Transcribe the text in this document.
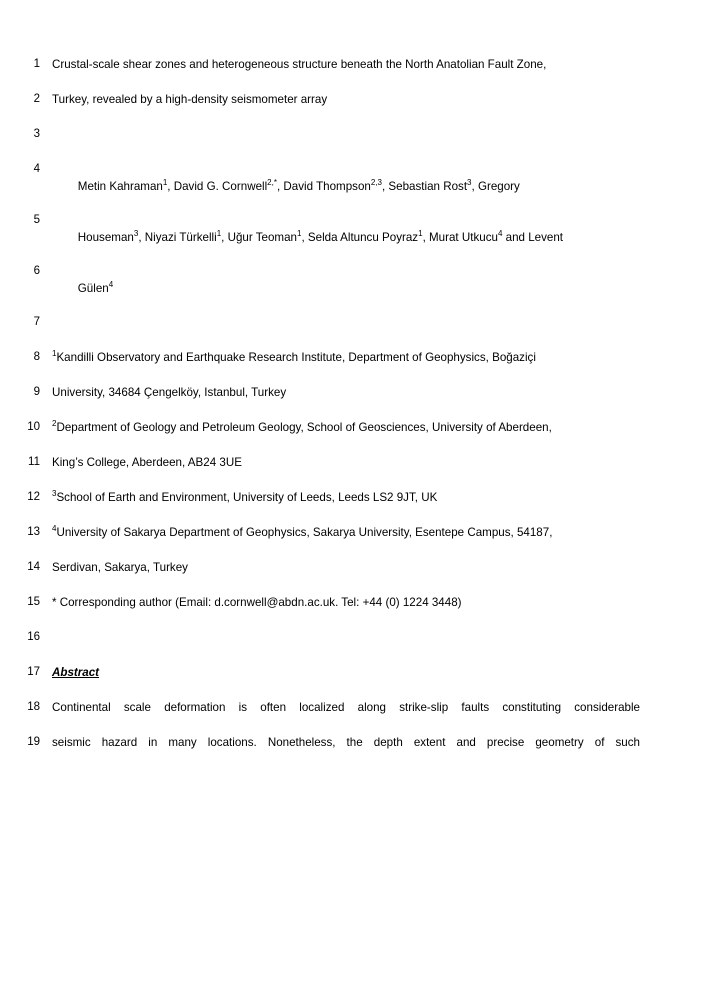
1	Crustal-scale shear zones and heterogeneous structure beneath the North Anatolian Fault Zone,
2	Turkey, revealed by a high-density seismometer array
3
4

Metin Kahraman$^1$, David G. Cornwell$^{2,*}$, David Thompson$^{2,3}$, Sebastian Rost$^3$, Gregory

5

Houseman$^3$, Niyazi Türkelli$^1$, Uğur Teoman$^1$, Selda Altuncu Poyraz$^1$, Murat Utkucu$^4$ and Levent

6

Gülen$^4$

7
8	$^1$Kandilli Observatory and Earthquake Research Institute, Department of Geophysics, Boğaziçi
9	University, 34684 Çengelköy, Istanbul, Turkey
10	$^2$Department of Geology and Petroleum Geology, School of Geosciences, University of Aberdeen,
11	King’s College, Aberdeen, AB24 3UE
12	$^3$School of Earth and Environment, University of Leeds, Leeds LS2 9JT, UK
13	$^4$University of Sakarya Department of Geophysics, Sakarya University, Esentepe Campus, 54187,
14	Serdivan, Sakarya, Turkey
15	* Corresponding author (Email: d.cornwell@abdn.ac.uk. Tel: +44 (0) 1224 3448)
16
17	Abstract
18	Continental scale deformation is often localized along strike-slip faults constituting considerable
19	seismic hazard in many locations. Nonetheless, the depth extent and precise geometry of such
